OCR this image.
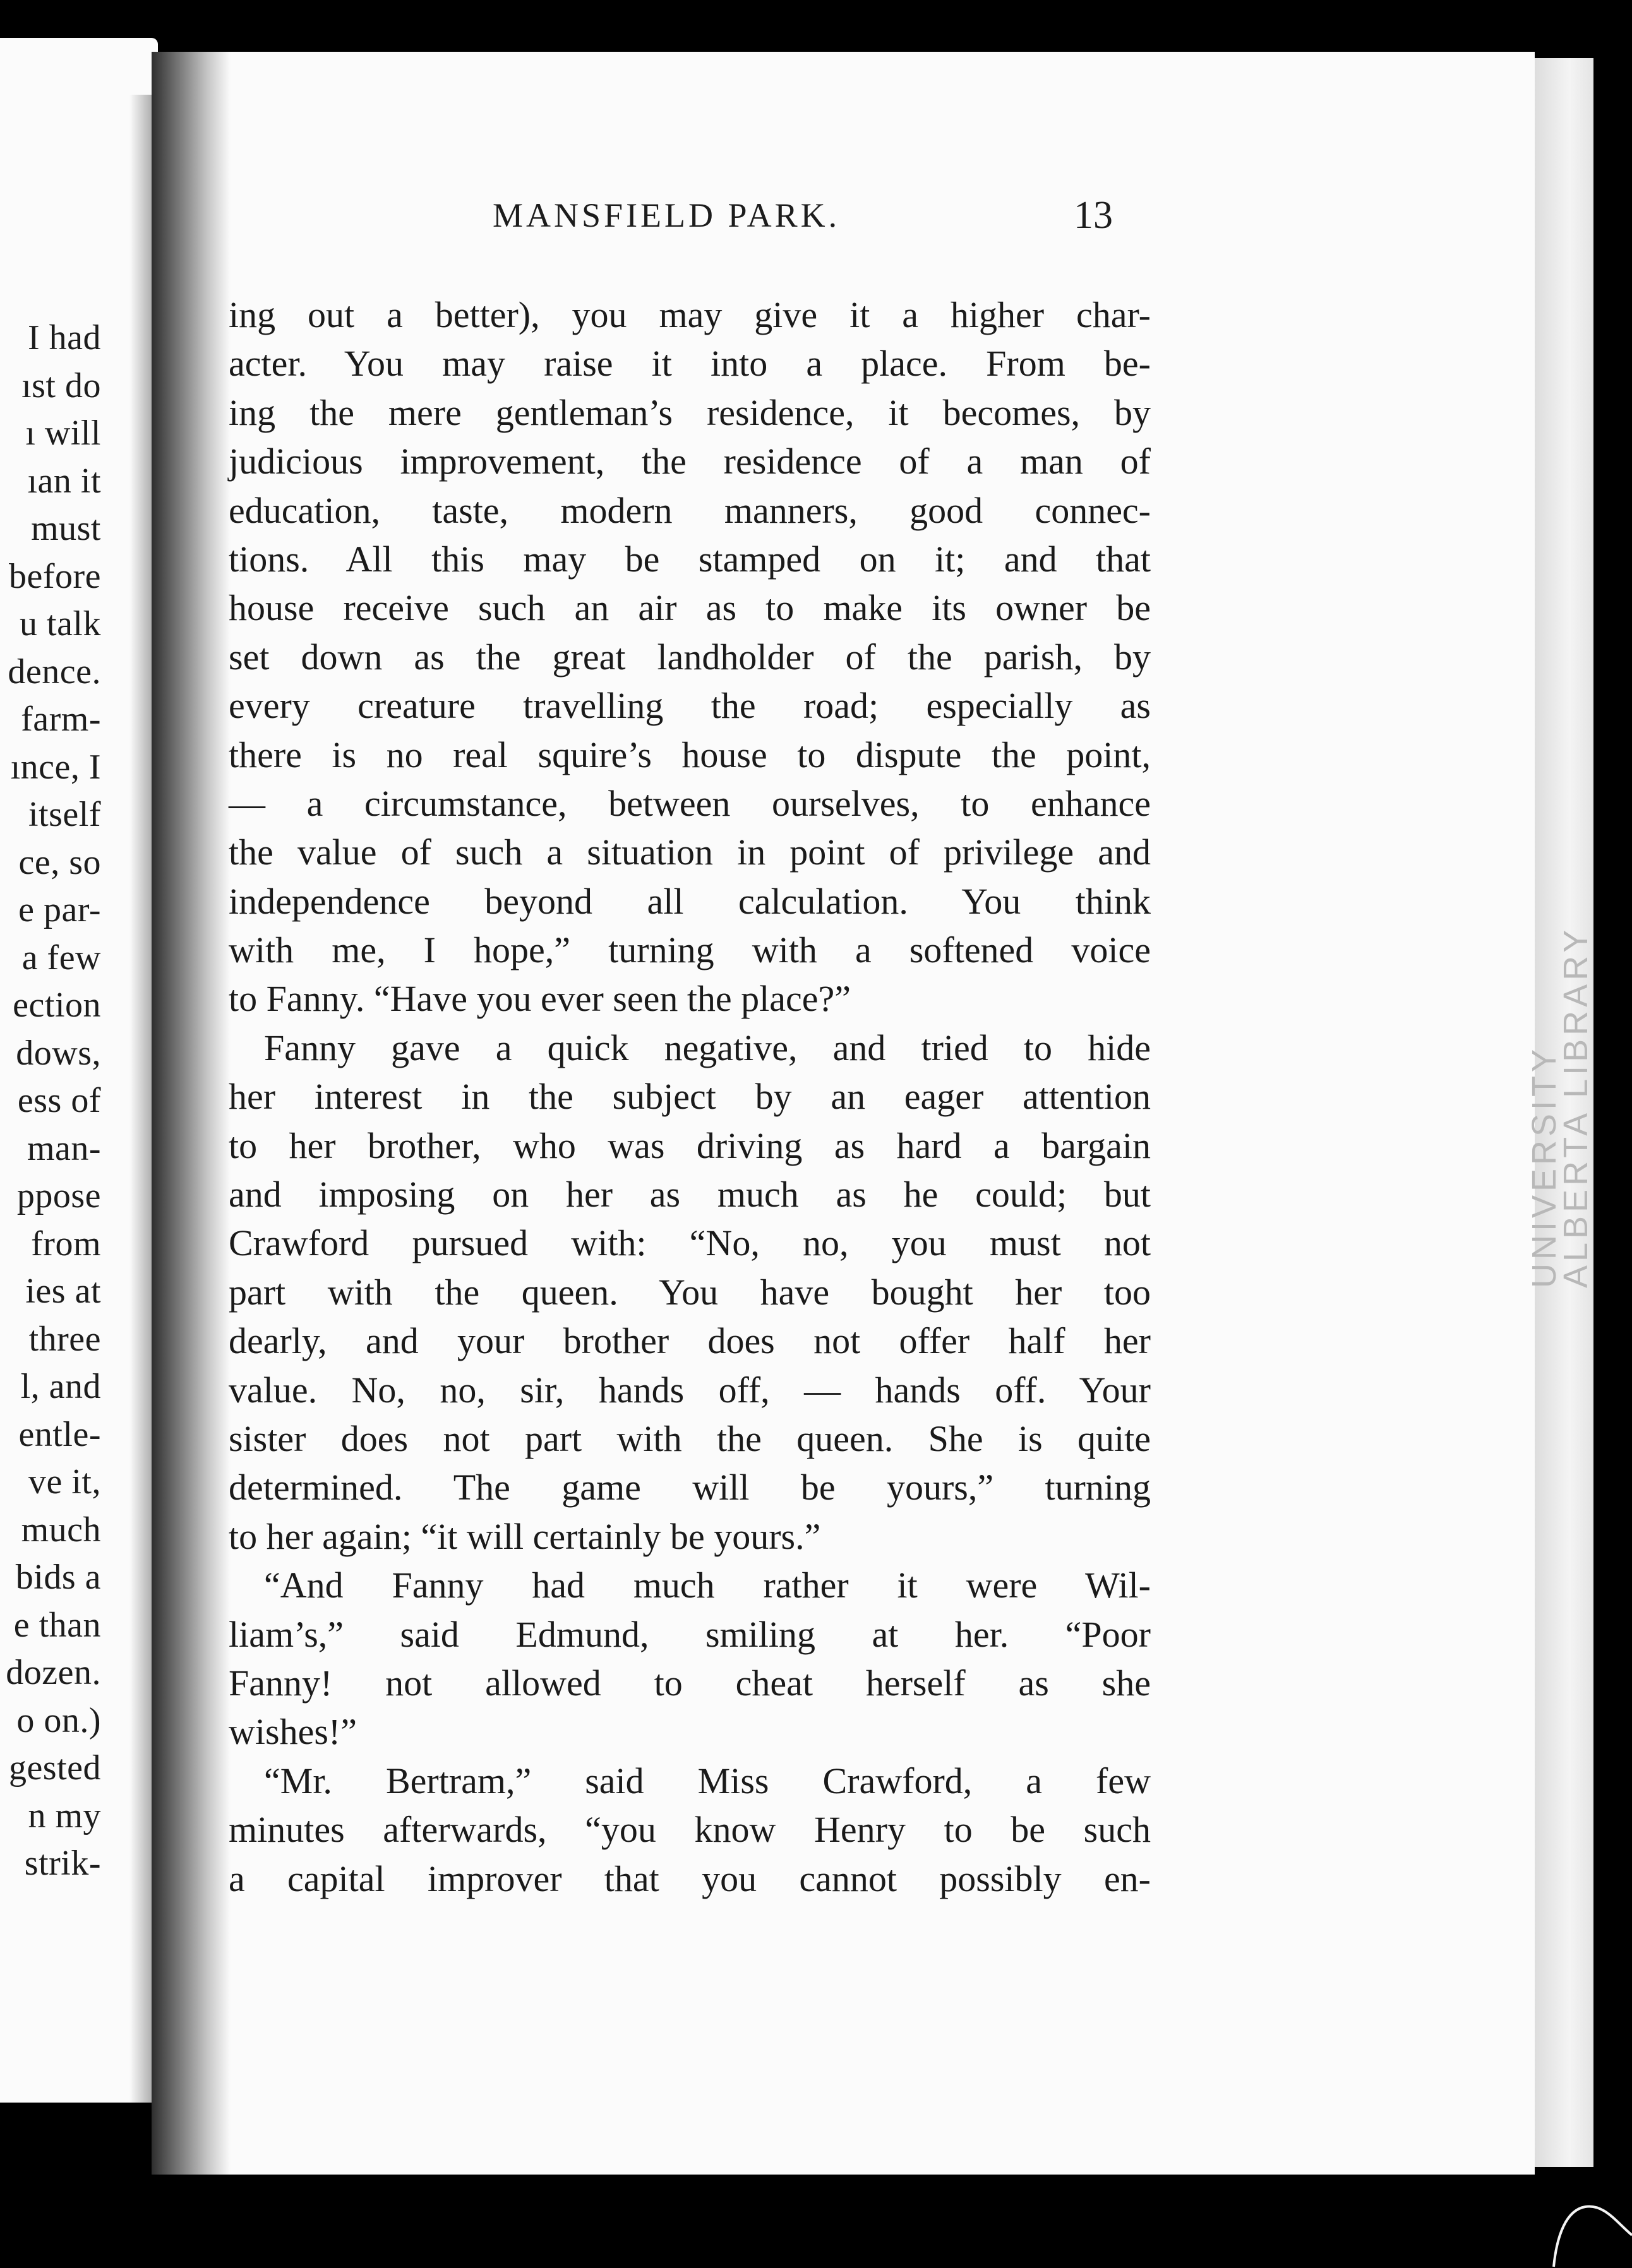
I had
ıst do
ı will
ıan it
must
before
u talk
dence.
farm-
ınce, I
itself
ce, so
e par-
a few
ection
dows,
ess of
man-
ppose
from
ies at
three
l, and
entle-
ve it,
much
bids a
e than
dozen.
o on.)
gested
n my
strik-
MANSFIELD PARK.	13
ing out a better), you may give it a higher char-
acter. You may raise it into a place. From be-
ing the mere gentleman’s residence, it becomes, by
judicious improvement, the residence of a man of
education, taste, modern manners, good connec-
tions. All this may be stamped on it; and that
house receive such an air as to make its owner be
set down as the great landholder of the parish, by
every creature travelling the road; especially as
there is no real squire’s house to dispute the point,
— a circumstance, between ourselves, to enhance
the value of such a situation in point of privilege and
independence beyond all calculation. You think
with me, I hope,” turning with a softened voice
to Fanny. “Have you ever seen the place?”
Fanny gave a quick negative, and tried to hide
her interest in the subject by an eager attention
to her brother, who was driving as hard a bargain
and imposing on her as much as he could; but
Crawford pursued with: “No, no, you must not
part with the queen. You have bought her too
dearly, and your brother does not offer half her
value. No, no, sir, hands off, — hands off. Your
sister does not part with the queen. She is quite
determined. The game will be yours,” turning
to her again; “it will certainly be yours.”
“And Fanny had much rather it were Wil-
liam’s,” said Edmund, smiling at her. “Poor
Fanny! not allowed to cheat herself as she
wishes!”
“Mr. Bertram,” said Miss Crawford, a few
minutes afterwards, “you know Henry to be such
a capital improver that you cannot possibly en-
UNIVERSITY
ALBERTA LIBRARY
